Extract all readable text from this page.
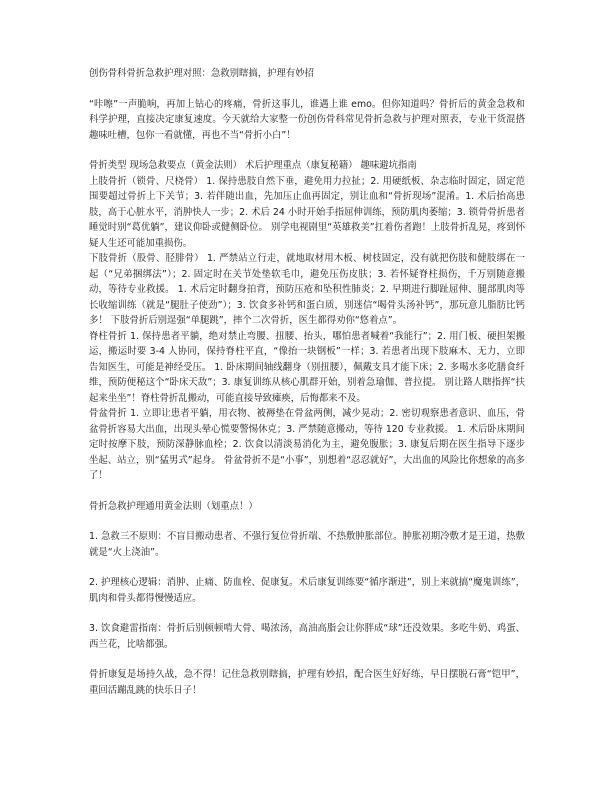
创伤骨科骨折急救护理对照：急救别瞎搞，护理有妙招

“咔嚓”一声脆响，再加上钻心的疼痛，骨折这事儿，谁遇上谁 emo。但你知道吗？骨折后的黄金急救和科学护理，直接决定康复速度。今天就给大家整一份创伤骨科常见骨折急救与护理对照表，专业干货混搭趣味吐槽，包你一看就懂，再也不当“骨折小白”！

骨折类型 现场急救要点（黄金法则） 术后护理重点（康复秘籍） 趣味避坑指南

上肢骨折（锁骨、尺桡骨） 1. 保持患肢自然下垂，避免用力拉扯；2. 用硬纸板、杂志临时固定，固定范围要超过骨折上下关节；3. 若伴随出血，先加压止血再固定，别让血和“骨折现场”混淆。1. 术后抬高患肢，高于心脏水平，消肿快人一步；2. 术后 24 小时开始手指屈伸训练，预防肌肉萎缩；3. 锁骨骨折患者睡觉时别“葛优躺”，建议仰卧或健侧卧位。 别学电视剧里“英雄救美”扛着伤者跑！上肢骨折乱晃，疼到怀疑人生还可能加重损伤。

下肢骨折（股骨、胫腓骨） 1. 严禁站立行走，就地取材用木板、树枝固定，没有就把伤肢和健肢绑在一起（“兄弟捆绑法”）；2. 固定时在关节处垫软毛巾，避免压伤皮肤；3. 若怀疑脊柱损伤，千万别随意搬动，等待专业救援。 1. 术后定时翻身拍背，预防压疮和坠积性肺炎；2. 早期进行脚趾屈伸、腿部肌肉等长收缩训练（就是“腿肚子使劲”）；3. 饮食多补钙和蛋白质，别迷信“喝骨头汤补钙”，那玩意儿脂肪比钙多！ 下肢骨折后别逞强“单腿跳”，摔个二次骨折，医生都得劝你“悠着点”。

脊柱骨折 1. 保持患者平躺，绝对禁止弯腰、扭腰、抬头，哪怕患者喊着“我能行”；2. 用门板、硬担架搬运，搬运时要 3-4 人协同，保持脊柱平直，“像抬一块钢板”一样；3. 若患者出现下肢麻木、无力，立即告知医生，可能是神经受压。 1. 卧床期间轴线翻身（别扭腰），佩戴支具才能下床；2. 多喝水多吃膳食纤维，预防便秘这个“卧床天敌”；3. 康复训练从核心肌群开始，别着急瑜伽、普拉提。 别让路人瞎指挥“扶起来坐坐”！脊柱骨折乱搬动，可能直接导致瘫痪，后悔都来不及。

骨盆骨折 1. 立即让患者平躺，用衣物、被褥垫在骨盆两侧，减少晃动；2. 密切观察患者意识、血压，骨盆骨折容易大出血，出现头晕心慌要警惕休克；3. 严禁随意搬动，等待 120 专业救援。 1. 术后卧床期间定时按摩下肢，预防深静脉血栓；2. 饮食以清淡易消化为主，避免腹胀；3. 康复后期在医生指导下逐步坐起、站立，别“猛男式”起身。 骨盆骨折不是“小事”，别想着“忍忍就好”，大出血的风险比你想象的高多了！

骨折急救护理通用黄金法则（划重点！）

1. 急救三不原则：不盲目搬动患者、不强行复位骨折端、不热敷肿胀部位。肿胀初期冷敷才是王道，热敷就是“火上浇油”。

2. 护理核心逻辑：消肿、止痛、防血栓、促康复。术后康复训练要“循序渐进”，别上来就搞“魔鬼训练”，肌肉和骨头都得慢慢适应。

3. 饮食避雷指南：骨折后别顿顿啃大骨、喝浓汤，高油高脂会让你胖成“球”还没效果。多吃牛奶、鸡蛋、西兰花，比啥都强。

骨折康复是场持久战，急不得！记住急救别瞎搞，护理有妙招，配合医生好好练，早日摆脱石膏“铠甲”，重回活蹦乱跳的快乐日子！
